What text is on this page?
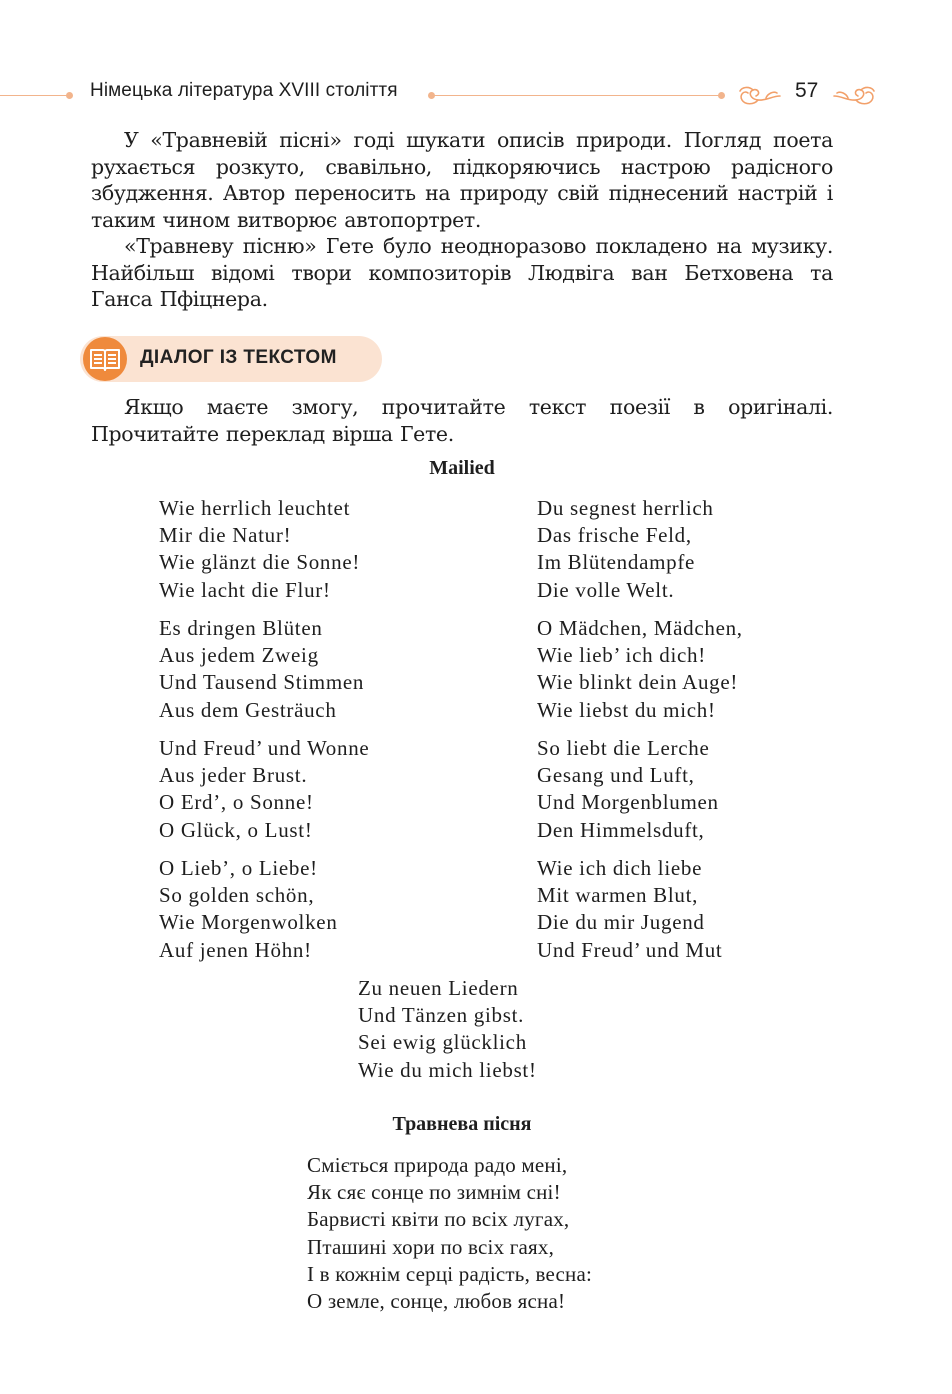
Німецька література XVIII століття	57

У «Травневій пісні» годі шукати описів природи. Погляд поета рухається розкуто, свавільно, підкоряючись настрою радісного збудження. Автор переносить на природу свій піднесений настрій і таким чином витворює автопортрет.

«Травневу пісню» Гете було неодноразово покладено на музику. Найбільш відомі твори композиторів Людвіга ван Бетховена та Ганса Пфіцнера.

ДІАЛОГ ІЗ ТЕКСТОМ

Якщо маєте змогу, прочитайте текст поезії в оригіналі. Прочитайте переклад вірша Гете.

Mailied
Wie herrlich leuchtet
Mir die Natur!
Wie glänzt die Sonne!
Wie lacht die Flur!
Es dringen Blüten
Aus jedem Zweig
Und Tausend Stimmen
Aus dem Gesträuch
Und Freud’ und Wonne
Aus jeder Brust.
O Erd’, o Sonne!
O Glück, o Lust!
O Lieb’, o Liebe!
So golden schön,
Wie Morgenwolken
Auf jenen Höhn!
Du segnest herrlich
Das frische Feld,
Im Blütendampfe
Die volle Welt.
O Mädchen, Mädchen,
Wie lieb’ ich dich!
Wie blinkt dein Auge!
Wie liebst du mich!
So liebt die Lerche
Gesang und Luft,
Und Morgenblumen
Den Himmelsduft,
Wie ich dich liebe
Mit warmen Blut,
Die du mir Jugend
Und Freud’ und Mut
Zu neuen Liedern
Und Tänzen gibst.
Sei ewig glücklich
Wie du mich liebst!
Травнева пісня
Сміється природа радо мені,
Як сяє сонце по зимнім сні!
Барвисті квіти по всіх лугах,
Пташині хори по всіх гаях,
І в кожнім серці радість, весна:
О земле, сонце, любов ясна!
